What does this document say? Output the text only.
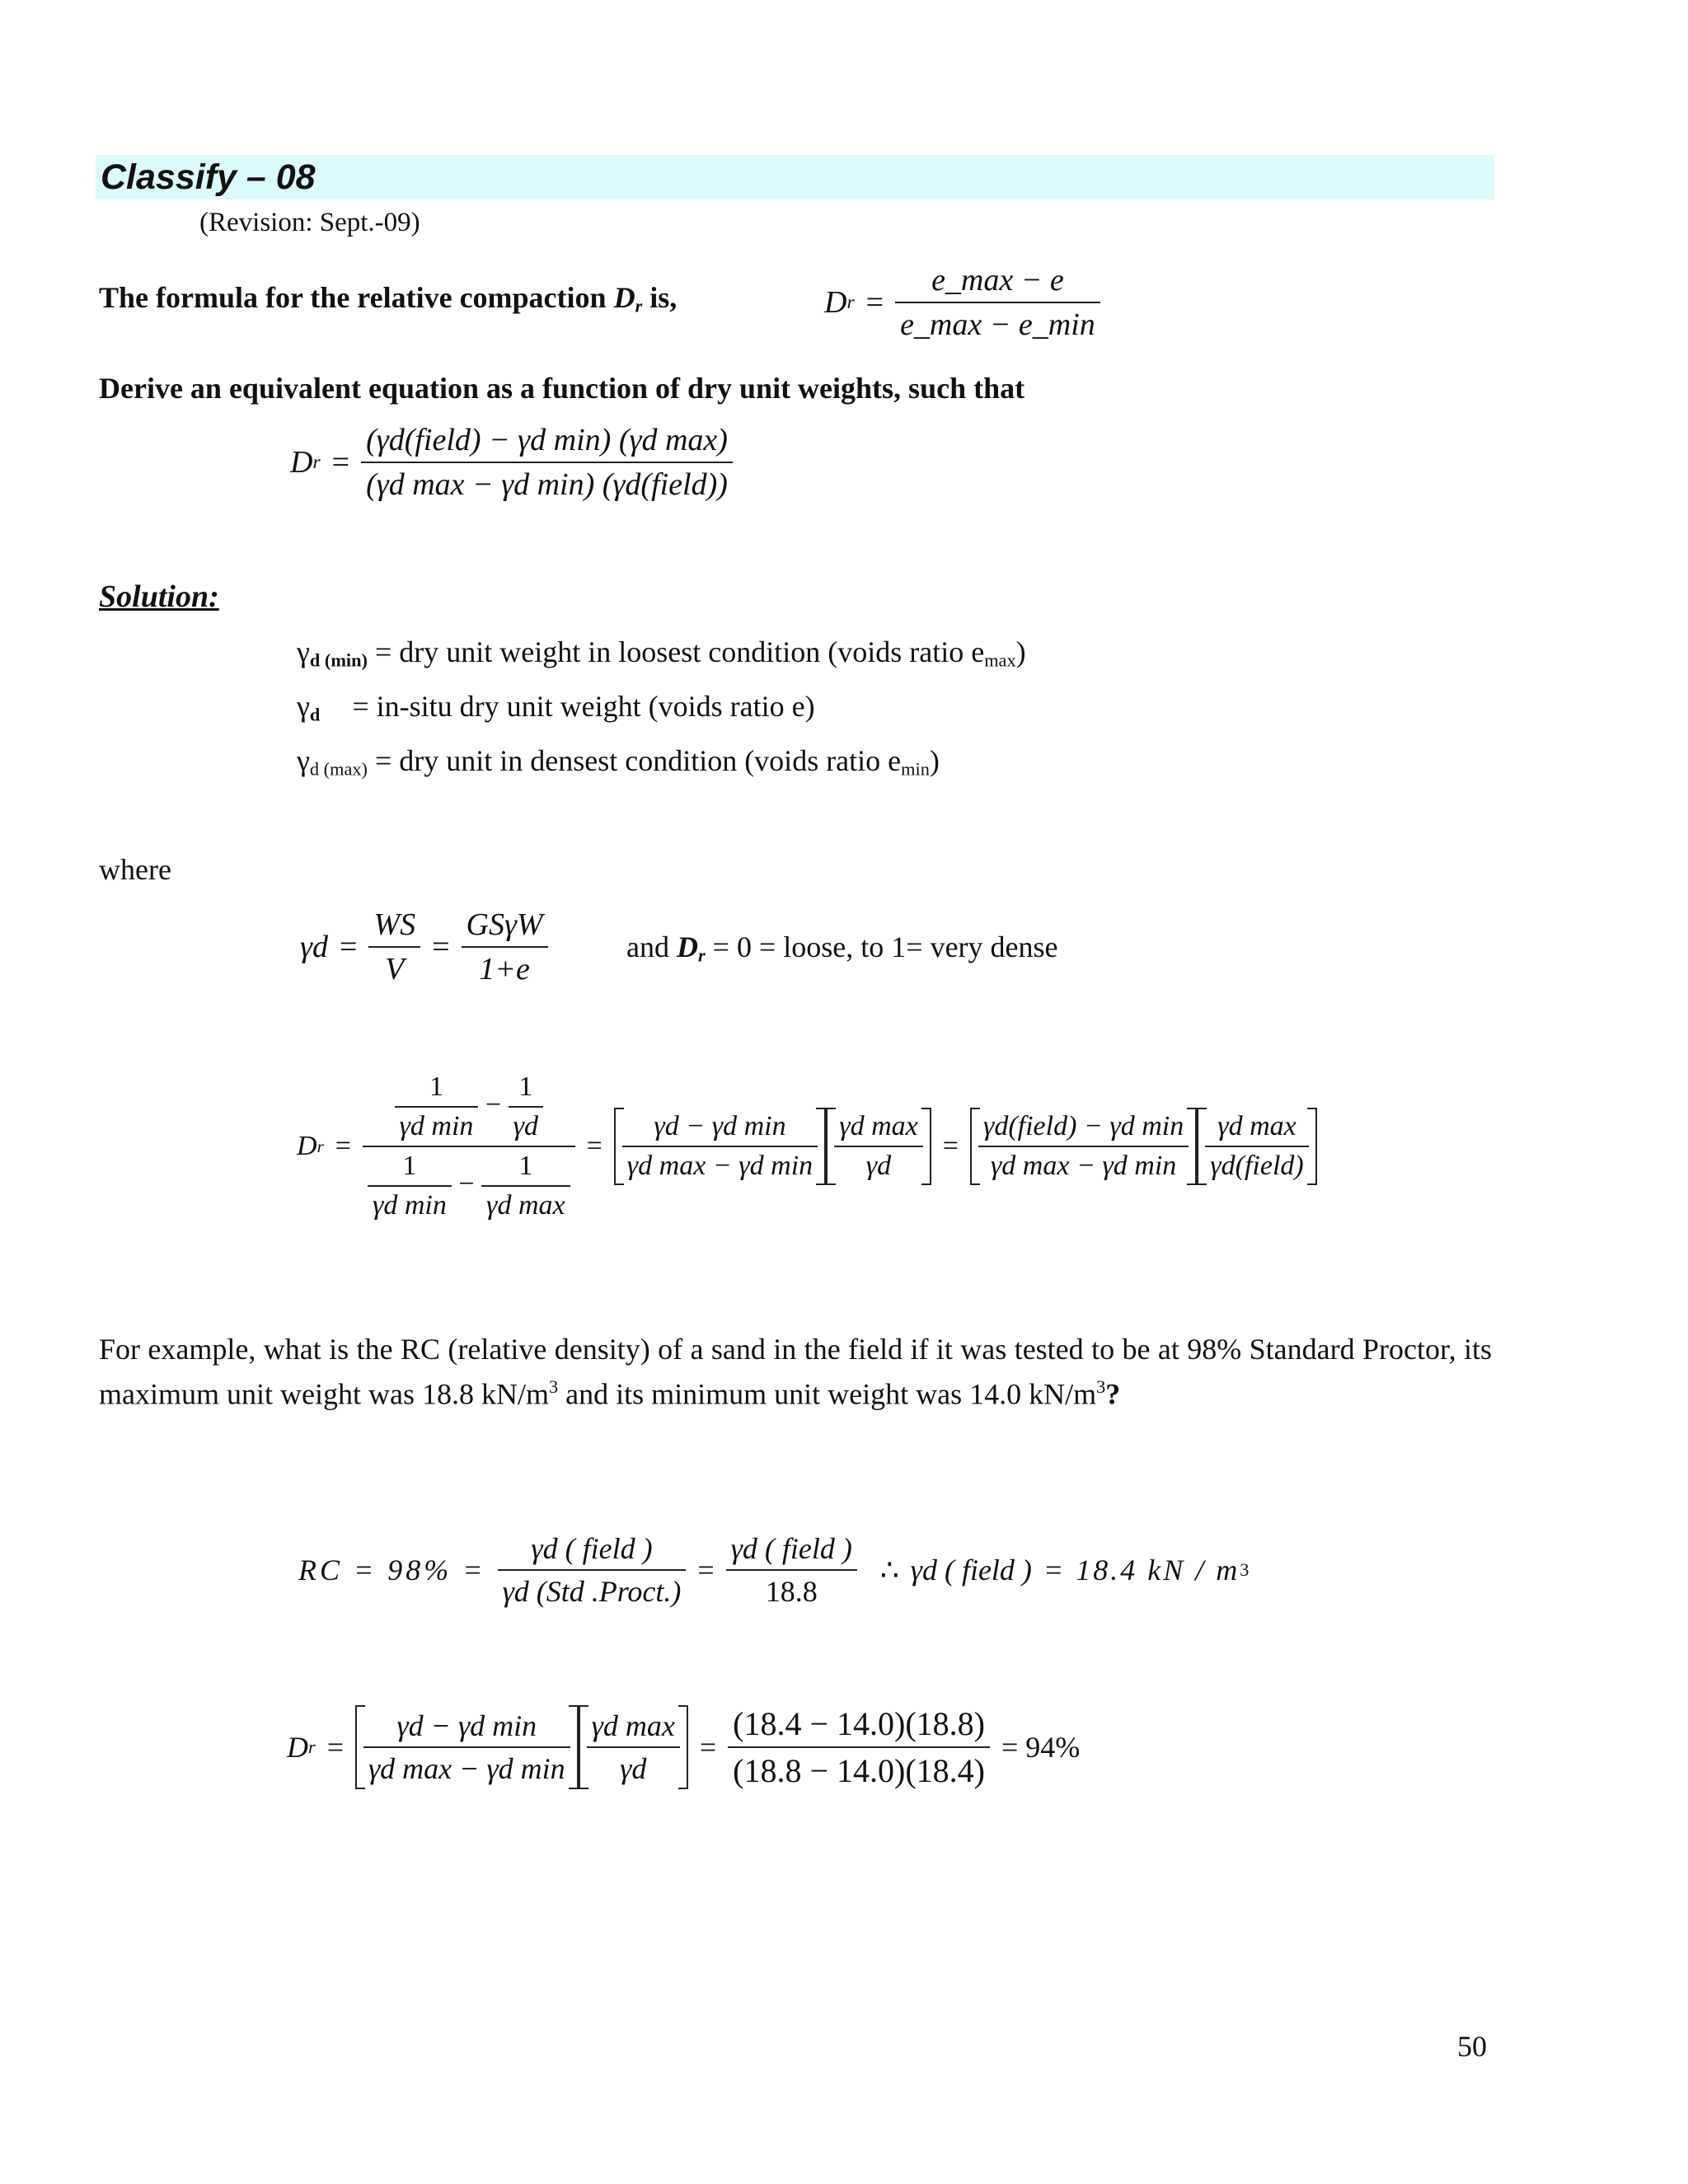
Classify – 08
(Revision: Sept.-09)
The formula for the relative compaction $D_r$ is,	D $r = \frac{e\_\max - e}{e\_\max - e\_\min}$
Derive an equivalent equation as a function of dry unit weights, such that
D $r = \frac{\text{(γd(field) − γd min) (γd max)}}{\text{(γd max − γd min) (γd(field))}}$
Solution:
$\gamma_{d (min)}$ = dry unit weight in loosest condition (voids ratio $e_{max}$)
$\gamma_d$ = in-situ dry unit weight (voids ratio e)
$\gamma_{d (max)}$ = dry unit in densest condition (voids ratio $e_{min}$)
where
$\gamma d = \frac{WS}{V} = \frac{\text{GSγW}}{1+e}$	and $D_r = 0$ = loose, to 1= very dense
D $r = \frac{\frac{1}{\text{γd min}} - \frac{1}{\gamma d}}{\frac{1}{\text{γd min}} - \frac{1}{\text{γd max}}} = \frac{\text{γd − γd min}}{\text{γd max − γd min}} \frac{\text{γd max}}{\gamma d} = \frac{\text{γd(field) − γd min}}{\text{γd max − γd min}} \frac{\text{γd max}}{\text{γd(field)}}$
For example, what is the RC (relative density) of a sand in the field if it was tested to be at 98% Standard Proctor, its maximum unit weight was 18.8 $kN/m^3$ and its minimum unit weight was 14.0 $kN/m^3$?
RC = $98\% = \frac{\text{γd ( field )}}{\text{γd (Std .Proct.)}} = \frac{\text{γd ( field )}}{18.8}$ ∴ γd ( field ) = 18.4 kN / m 3
D $r = \frac{\text{γd − γd min}}{\text{γd max − γd min}} \frac{\text{γd max}}{\gamma d} = \frac{(18.4 - 14.0)(18.8)}{(18.8 - 14.0)(18.4)} = 94\%$
50
